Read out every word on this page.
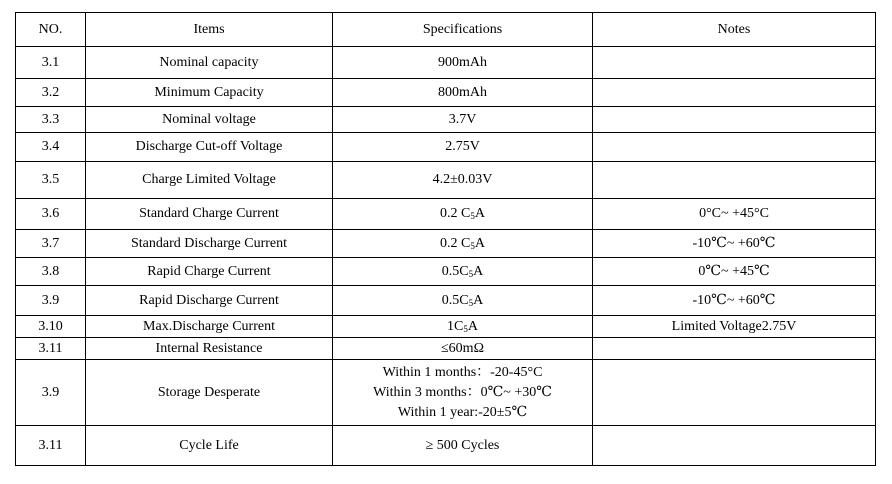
NO.	Items	Specifications	Notes
3.1	Nominal capacity	900mAh	
3.2	Minimum Capacity	800mAh	
3.3	Nominal voltage	3.7V	
3.4	Discharge Cut-off Voltage	2.75V	
3.5	Charge Limited Voltage	4.2±0.03V	
3.6	Standard Charge Current	0.2 $C_5A$	0°C~ +45°C
3.7	Standard Discharge Current	0.2 $C_5A$	-10℃~ +60℃
3.8	Rapid Charge Current	$0.5C_5A$	0℃~ +45℃
3.9	Rapid Discharge Current	$0.5C_5A$	-10℃~ +60℃
3.10	Max.Discharge Current	$1C_5A$	Limited Voltage2.75V
3.11	Internal Resistance	≤60mΩ	
3.9	Storage Desperate	Within 1 months：-20-45°C
Within 3 months：0℃~ +30℃
Within 1 year:-20±5℃	

3.11	Cycle Life	≥ 500 Cycles	
